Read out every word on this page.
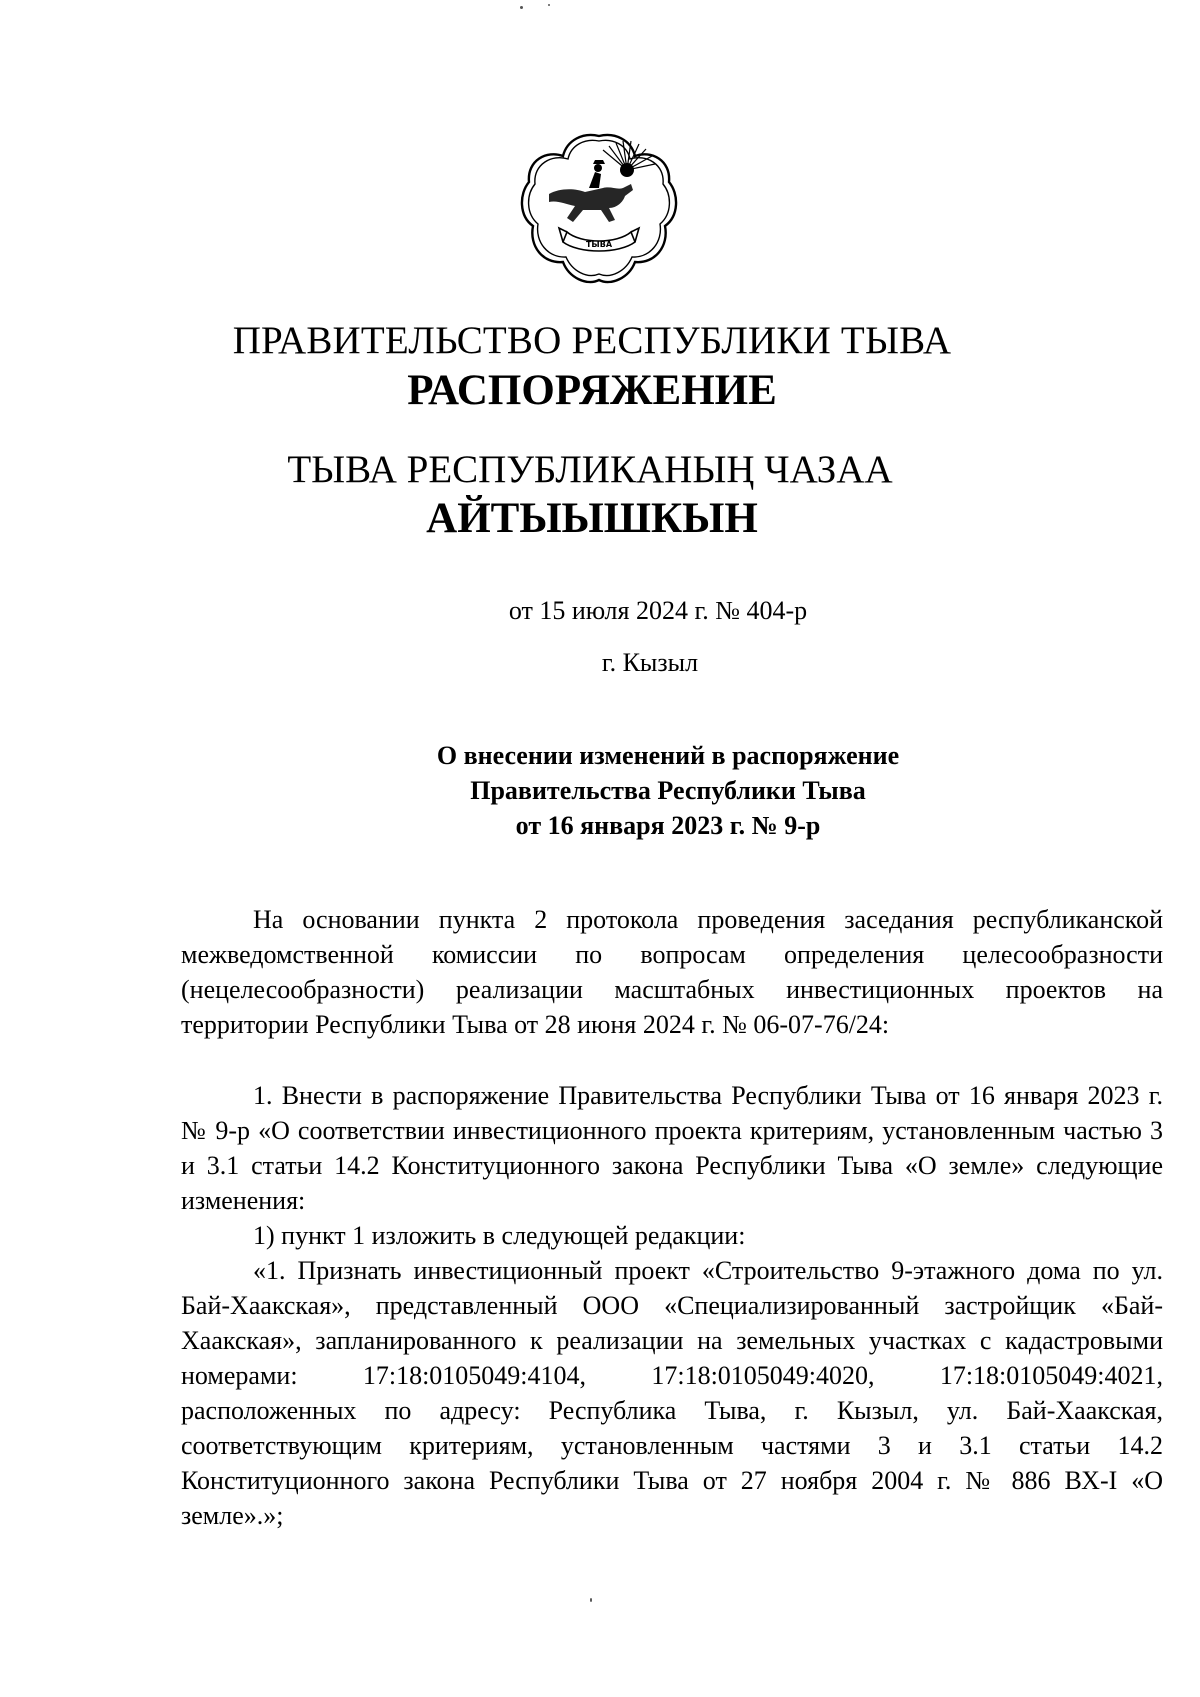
ТЫВА
ПРАВИТЕЛЬСТВО РЕСПУБЛИКИ ТЫВА
РАСПОРЯЖЕНИЕ
ТЫВА РЕСПУБЛИКАНЫҢ ЧАЗАА
АЙТЫЫШКЫН
от 15 июля 2024 г. № 404-р
г. Кызыл
О внесении изменений в распоряжение
Правительства Республики Тыва
от 16 января 2023 г. № 9-р

На основании пункта 2 протокола проведения заседания республиканской межведомственной комиссии по вопросам определения целесообразности (нецелесообразности) реализации масштабных инвестиционных проектов на территории Республики Тыва от 28 июня 2024 г. № 06-07-76/24:

1. Внести в распоряжение Правительства Республики Тыва от 16 января 2023 г. № 9-р «О соответствии инвестиционного проекта критериям, установленным частью 3 и 3.1 статьи 14.2 Конституционного закона Республики Тыва «О земле» следующие изменения:

1) пункт 1 изложить в следующей редакции:

«1. Признать инвестиционный проект «Строительство 9-этажного дома по ул. Бай-Хаакская», представленный ООО «Специализированный застройщик «Бай-Хаакская», запланированного к реализации на земельных участках с кадастровыми номерами: 17:18:0105049:4104, 17:18:0105049:4020, 17:18:0105049:4021, расположенных по адресу: Республика Тыва, г. Кызыл, ул. Бай-Хаакская, соответствующим критериям, установленным частями 3 и 3.1 статьи 14.2 Конституционного закона Республики Тыва от 27 ноября 2004 г. № 886 ВХ-I «О земле».»;
